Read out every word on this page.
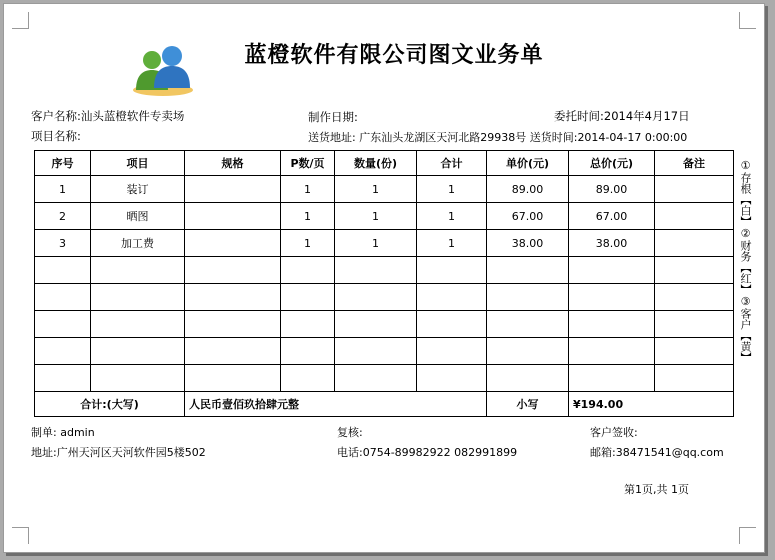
蓝橙软件有限公司图文业务单
客户名称:汕头蓝橙软件专卖场	制作日期:	委托时间:2014年4月17日
项目名称:	送货地址: 广东汕头龙湖区天河北路29938号 送货时间:2014-04-17 0:00:00
序号	项目	规格	P数/页	数量(份)	合计	单价(元)	总价(元)	备注
1	装订		1	1	1	89.00	89.00	
2	晒图		1	1	1	67.00	67.00	
3	加工费		1	1	1	38.00	38.00	

合计:(大写)		人民币壹佰玖拾肆元整				小写	¥194.00	
①存根【白】②财务【红】③客户【黄】
制单: admin	复核:	客户签收:
地址:广州天河区天河软件园5楼502	电话:0754-89982922 082991899	邮箱:38471541@qq.com
第1页,共 1页
